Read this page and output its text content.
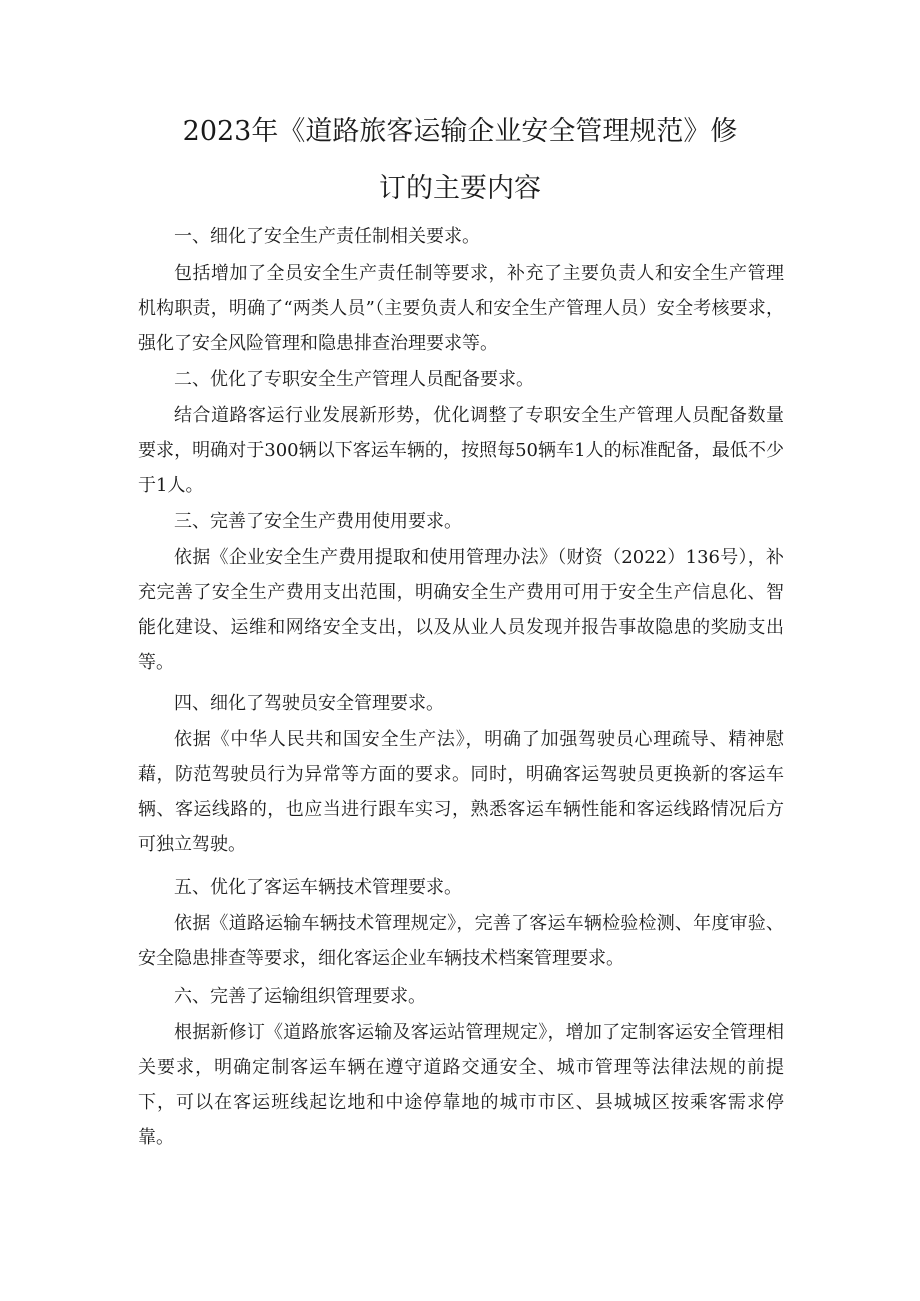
2023年《道路旅客运输企业安全管理规范》修
订的主要内容
一、细化了安全生产责任制相关要求。

包括增加了全员安全生产责任制等要求，补充了主要负责人和安全生产管理机构职责，明确了“两类人员”（主要负责人和安全生产管理人员）安全考核要求，强化了安全风险管理和隐患排查治理要求等。

二、优化了专职安全生产管理人员配备要求。

结合道路客运行业发展新形势，优化调整了专职安全生产管理人员配备数量要求，明确对于300辆以下客运车辆的，按照每50辆车1人的标准配备，最低不少于1人。

三、完善了安全生产费用使用要求。

依据《企业安全生产费用提取和使用管理办法》（财资（2022）136号），补充完善了安全生产费用支出范围，明确安全生产费用可用于安全生产信息化、智能化建设、运维和网络安全支出，以及从业人员发现并报告事故隐患的奖励支出等。

四、细化了驾驶员安全管理要求。

依据《中华人民共和国安全生产法》，明确了加强驾驶员心理疏导、精神慰藉，防范驾驶员行为异常等方面的要求。同时，明确客运驾驶员更换新的客运车辆、客运线路的，也应当进行跟车实习，熟悉客运车辆性能和客运线路情况后方可独立驾驶。

五、优化了客运车辆技术管理要求。

依据《道路运输车辆技术管理规定》，完善了客运车辆检验检测、年度审验、安全隐患排查等要求，细化客运企业车辆技术档案管理要求。

六、完善了运输组织管理要求。

根据新修订《道路旅客运输及客运站管理规定》，增加了定制客运安全管理相关要求，明确定制客运车辆在遵守道路交通安全、城市管理等法律法规的前提下，可以在客运班线起讫地和中途停靠地的城市市区、县城城区按乘客需求停靠。
